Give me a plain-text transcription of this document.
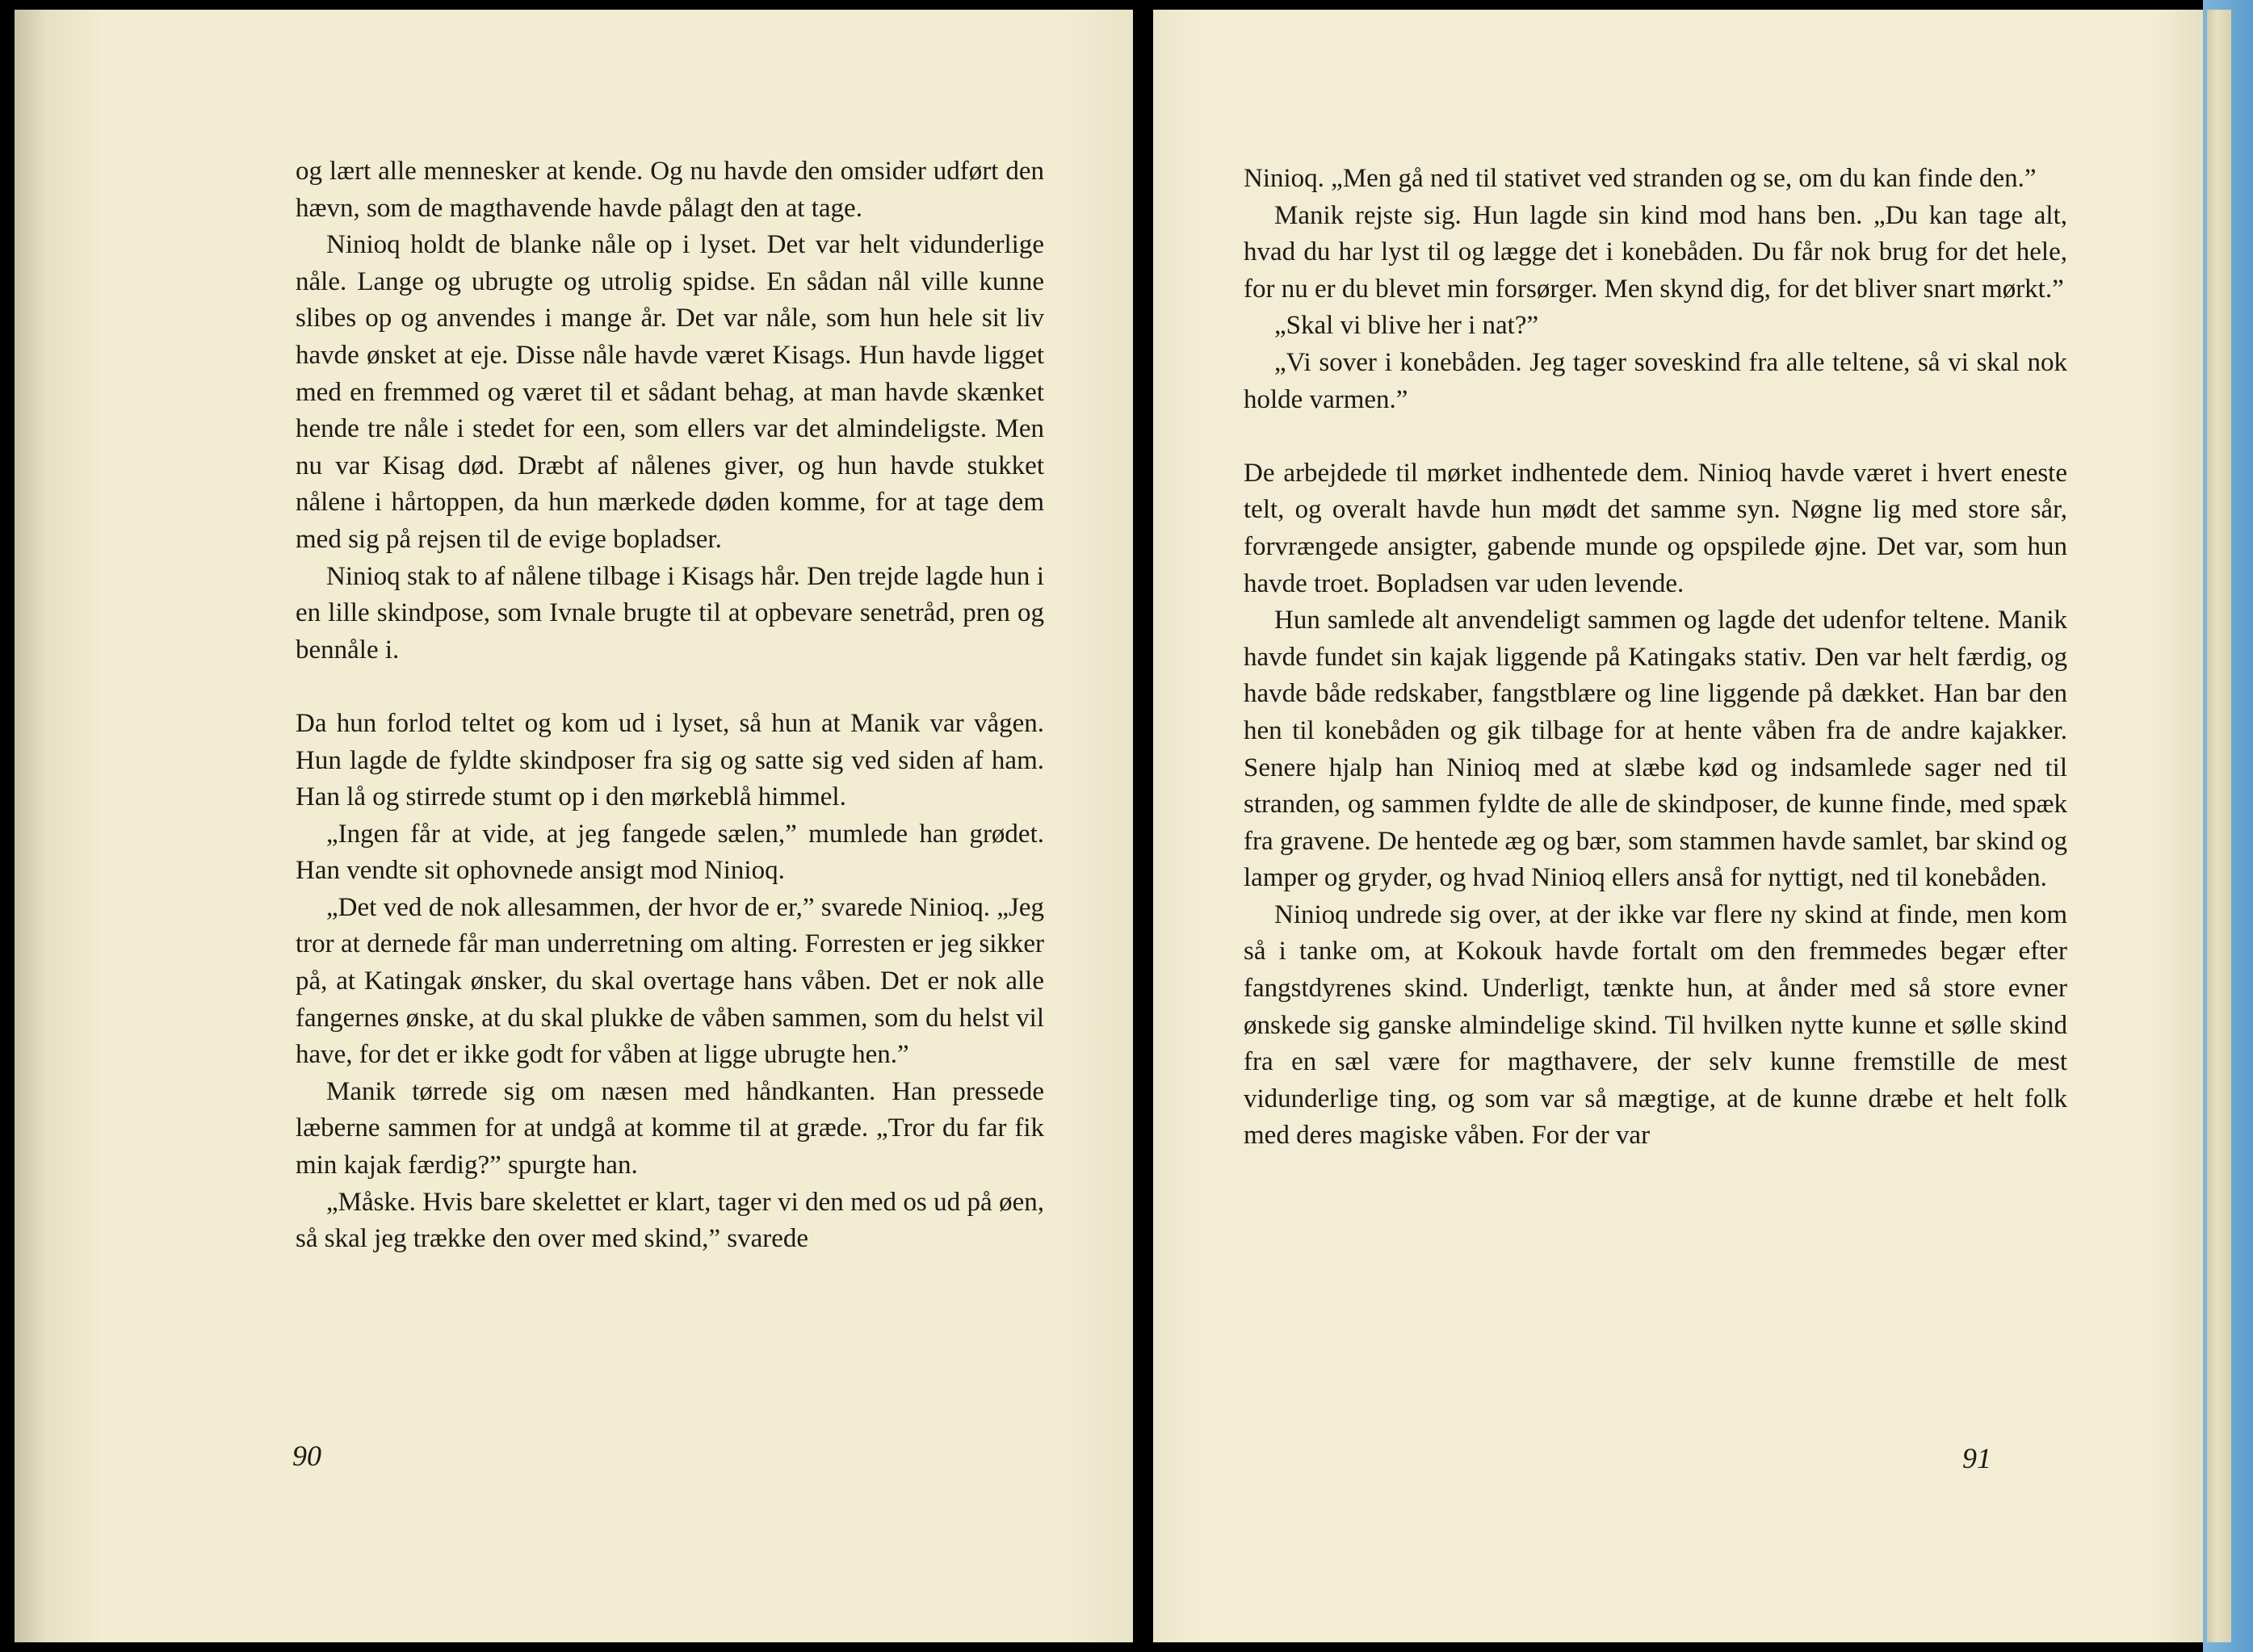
og lært alle mennesker at kende. Og nu havde den omsider udført den hævn, som de magthavende havde pålagt den at tage.

Ninioq holdt de blanke nåle op i lyset. Det var helt vidunderlige nåle. Lange og ubrugte og utrolig spidse. En sådan nål ville kunne slibes op og anvendes i mange år. Det var nåle, som hun hele sit liv havde ønsket at eje. Disse nåle havde været Kisags. Hun havde ligget med en fremmed og været til et sådant behag, at man havde skænket hende tre nåle i stedet for een, som ellers var det almindeligste. Men nu var Kisag død. Dræbt af nålenes giver, og hun havde stukket nålene i hårtoppen, da hun mærkede døden komme, for at tage dem med sig på rejsen til de evige bopladser.

Ninioq stak to af nålene tilbage i Kisags hår. Den trejde lagde hun i en lille skindpose, som Ivnale brugte til at opbevare senetråd, pren og bennåle i.

Da hun forlod teltet og kom ud i lyset, så hun at Manik var vågen. Hun lagde de fyldte skindposer fra sig og satte sig ved siden af ham. Han lå og stirrede stumt op i den mørkeblå himmel.

„Ingen får at vide, at jeg fangede sælen,” mumlede han grødet. Han vendte sit ophovnede ansigt mod Ninioq.

„Det ved de nok allesammen, der hvor de er,” svarede Ninioq. „Jeg tror at dernede får man underretning om alting. Forresten er jeg sikker på, at Katingak ønsker, du skal overtage hans våben. Det er nok alle fangernes ønske, at du skal plukke de våben sammen, som du helst vil have, for det er ikke godt for våben at ligge ubrugte hen.”

Manik tørrede sig om næsen med håndkanten. Han pressede læberne sammen for at undgå at komme til at græde. „Tror du far fik min kajak færdig?” spurgte han.

„Måske. Hvis bare skelettet er klart, tager vi den med os ud på øen, så skal jeg trække den over med skind,” svarede

90

Ninioq. „Men gå ned til stativet ved stranden og se, om du kan finde den.”

Manik rejste sig. Hun lagde sin kind mod hans ben. „Du kan tage alt, hvad du har lyst til og lægge det i konebåden. Du får nok brug for det hele, for nu er du blevet min forsørger. Men skynd dig, for det bliver snart mørkt.”

„Skal vi blive her i nat?”

„Vi sover i konebåden. Jeg tager soveskind fra alle teltene, så vi skal nok holde varmen.”

De arbejdede til mørket indhentede dem. Ninioq havde været i hvert eneste telt, og overalt havde hun mødt det samme syn. Nøgne lig med store sår, forvrængede ansigter, gabende munde og opspilede øjne. Det var, som hun havde troet. Bopladsen var uden levende.

Hun samlede alt anvendeligt sammen og lagde det udenfor teltene. Manik havde fundet sin kajak liggende på Katingaks stativ. Den var helt færdig, og havde både redskaber, fangstblære og line liggende på dækket. Han bar den hen til konebåden og gik tilbage for at hente våben fra de andre kajakker. Senere hjalp han Ninioq med at slæbe kød og indsamlede sager ned til stranden, og sammen fyldte de alle de skindposer, de kunne finde, med spæk fra gravene. De hentede æg og bær, som stammen havde samlet, bar skind og lamper og gryder, og hvad Ninioq ellers anså for nyttigt, ned til konebåden.

Ninioq undrede sig over, at der ikke var flere ny skind at finde, men kom så i tanke om, at Kokouk havde fortalt om den fremmedes begær efter fangstdyrenes skind. Underligt, tænkte hun, at ånder med så store evner ønskede sig ganske almindelige skind. Til hvilken nytte kunne et sølle skind fra en sæl være for magthavere, der selv kunne fremstille de mest vidunderlige ting, og som var så mægtige, at de kunne dræbe et helt folk med deres magiske våben. For der var

91
